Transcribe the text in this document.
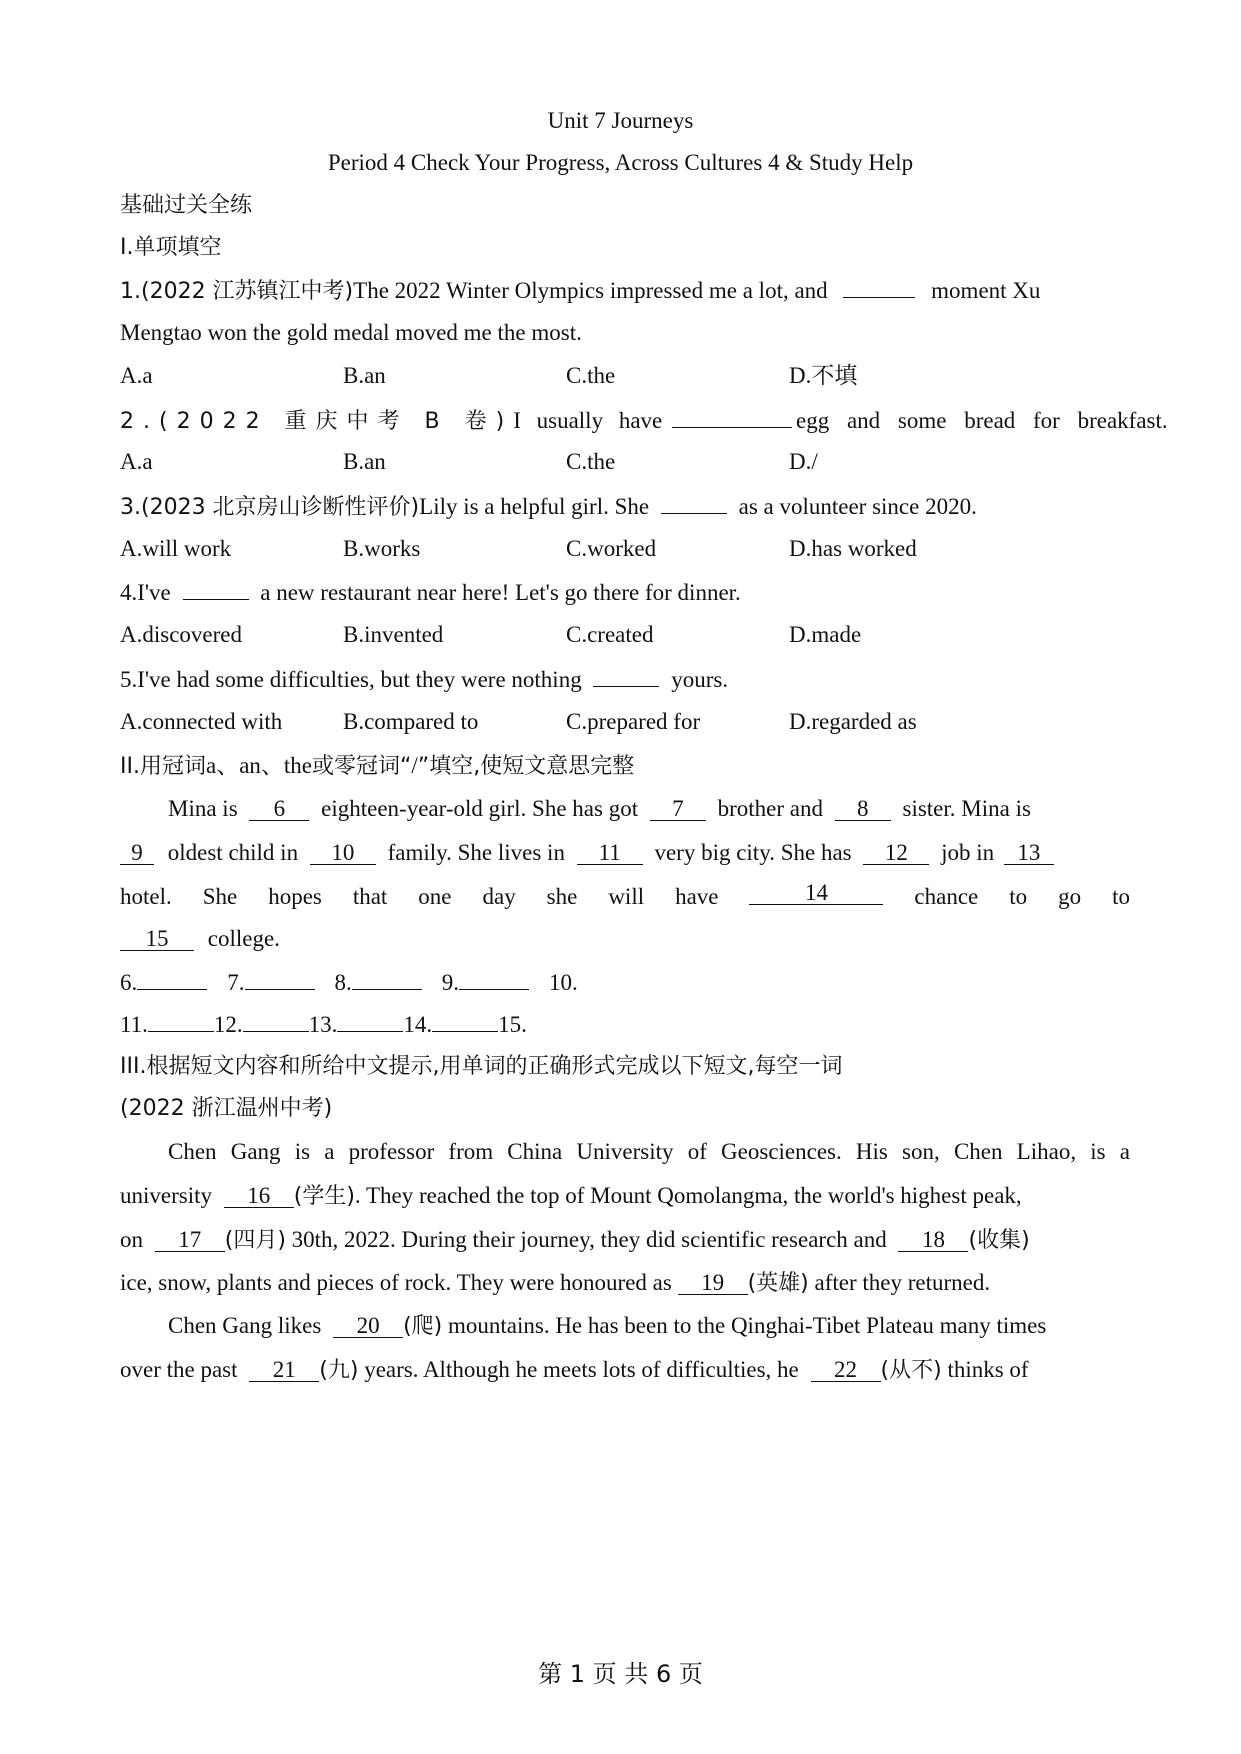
Unit 7 Journeys
Period 4 Check Your Progress, Across Cultures 4 & Study Help
基础过关全练
I.单项填空
1.(2022 江苏镇江中考)The 2022 Winter Olympics impressed me a lot, and	moment Xu
Mengtao won the gold medal moved me the most.
A.a	B.an	C.the	D.不填
2.(2022 重庆中考 B 卷)I usually have	egg and some bread for breakfast.
A.a	B.an	C.the	D./
3.(2023 北京房山诊断性评价)Lily is a helpful girl. She	as a volunteer since 2020.
A.will work	B.works	C.worked	D.has worked
4.I've	a new restaurant near here! Let's go there for dinner.
A.discovered	B.invented	C.created	D.made
5.I've had some difficulties, but they were nothing	yours.
A.connected with	B.compared to	C.prepared for	D.regarded as
II.用冠词a、an、the或零冠词“/”填空,使短文意思完整
Mina is 6 eighteen-year-old girl. She has got 7 brother and 8 sister. Mina is
9 oldest child in 10 family. She lives in 11 very big city. She has 12 job in 13
hotel. She hopes that one day she will have	14	chance to go to
15 college.
6.	7.	8.	9.	10.
11.	12.	13.	14.	15.
III.根据短文内容和所给中文提示,用单词的正确形式完成以下短文,每空一词
(2022 浙江温州中考)
Chen Gang is a professor from China University of Geosciences. His son, Chen Lihao, is a
university 16 (学生). They reached the top of Mount Qomolangma, the world's highest peak,
on 17 (四月) 30th, 2022. During their journey, they did scientific research and 18 (收集)
ice, snow, plants and pieces of rock. They were honoured as 19 (英雄) after they returned.
Chen Gang likes 20 (爬) mountains. He has been to the Qinghai-Tibet Plateau many times
over the past 21 (九) years. Although he meets lots of difficulties, he 22 (从不) thinks of
第 1 页 共 6 页
